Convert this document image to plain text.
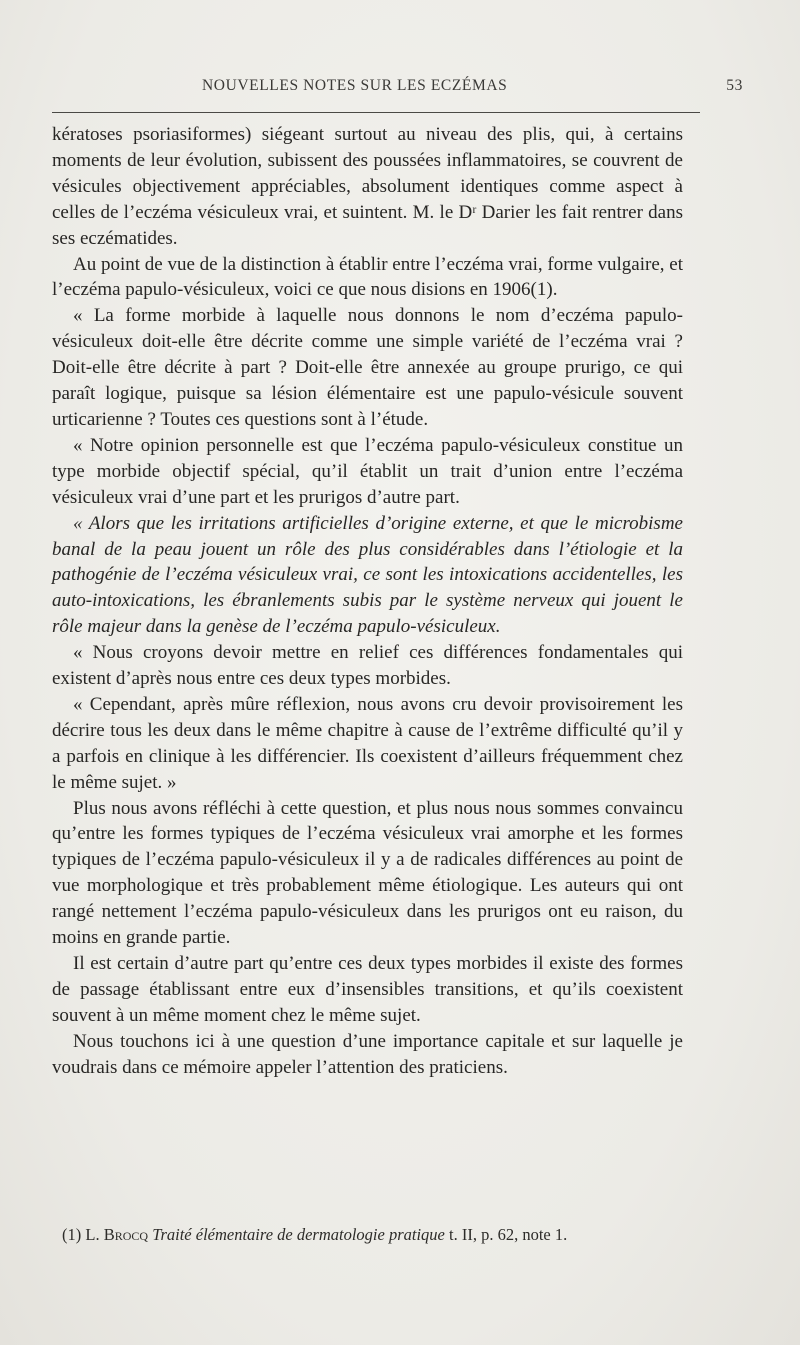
NOUVELLES NOTES SUR LES ECZÉMAS	53

kératoses psoriasiformes) siégeant surtout au niveau des plis, qui, à certains moments de leur évolution, subissent des poussées inflammatoires, se couvrent de vésicules objectivement appréciables, absolument identiques comme aspect à celles de l’eczéma vésiculeux vrai, et suintent. M. le Dʳ Darier les fait rentrer dans ses eczématides.

Au point de vue de la distinction à établir entre l’eczéma vrai, forme vulgaire, et l’eczéma papulo-vésiculeux, voici ce que nous disions en 1906(1).

« La forme morbide à laquelle nous donnons le nom d’eczéma papulo-vésiculeux doit-elle être décrite comme une simple variété de l’eczéma vrai ? Doit-elle être décrite à part ? Doit-elle être annexée au groupe prurigo, ce qui paraît logique, puisque sa lésion élémentaire est une papulo-vésicule souvent urticarienne ? Toutes ces questions sont à l’étude.

« Notre opinion personnelle est que l’eczéma papulo-vésiculeux constitue un type morbide objectif spécial, qu’il établit un trait d’union entre l’eczéma vésiculeux vrai d’une part et les prurigos d’autre part.

« Alors que les irritations artificielles d’origine externe, et que le microbisme banal de la peau jouent un rôle des plus considérables dans l’étiologie et la pathogénie de l’eczéma vésiculeux vrai, ce sont les intoxications accidentelles, les auto-intoxications, les ébranlements subis par le système nerveux qui jouent le rôle majeur dans la genèse de l’eczéma papulo-vésiculeux.

« Nous croyons devoir mettre en relief ces différences fondamentales qui existent d’après nous entre ces deux types morbides.

« Cependant, après mûre réflexion, nous avons cru devoir provisoirement les décrire tous les deux dans le même chapitre à cause de l’extrême difficulté qu’il y a parfois en clinique à les différencier. Ils coexistent d’ailleurs fréquemment chez le même sujet. »

Plus nous avons réfléchi à cette question, et plus nous nous sommes convaincu qu’entre les formes typiques de l’eczéma vésiculeux vrai amorphe et les formes typiques de l’eczéma papulo-vésiculeux il y a de radicales différences au point de vue morphologique et très probablement même étiologique. Les auteurs qui ont rangé nettement l’eczéma papulo-vésiculeux dans les prurigos ont eu raison, du moins en grande partie.

Il est certain d’autre part qu’entre ces deux types morbides il existe des formes de passage établissant entre eux d’insensibles transitions, et qu’ils coexistent souvent à un même moment chez le même sujet.

Nous touchons ici à une question d’une importance capitale et sur laquelle je voudrais dans ce mémoire appeler l’attention des praticiens.

(1) L. Brocq Traité élémentaire de dermatologie pratique t. II, p. 62, note 1.
